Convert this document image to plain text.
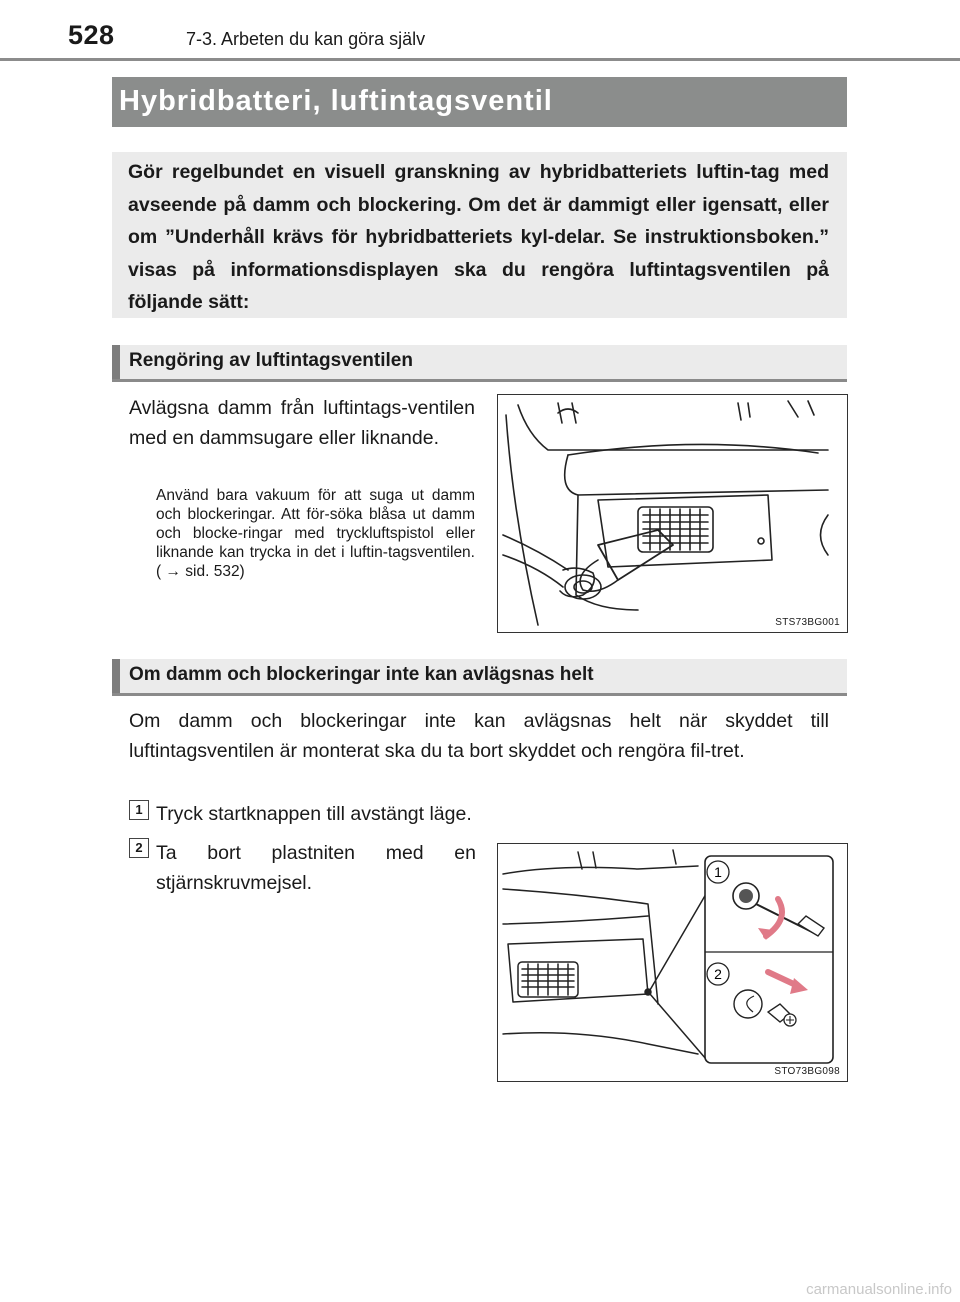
528	7-3. Arbeten du kan göra själv
Hybridbatteri, luftintagsventil

Gör regelbundet en visuell granskning av hybridbatteriets luftin-tag med avseende på damm och blockering. Om det är dammigt eller igensatt, eller om ”Underhåll krävs för hybridbatteriets kyl-delar. Se instruktionsboken.” visas på informationsdisplayen ska du rengöra luftintagsventilen på följande sätt:

Rengöring av luftintagsventilen

Avlägsna damm från luftintags-ventilen med en dammsugare eller liknande.

Använd bara vakuum för att suga ut damm och blockeringar. Att för-söka blåsa ut damm och blocke-ringar med tryckluftspistol eller liknande kan trycka in det i luftin-tagsventilen. ( → sid. 532)

STS73BG001
Om damm och blockeringar inte kan avlägsnas helt

Om damm och blockeringar inte kan avlägsnas helt när skyddet till luftintagsventilen är monterat ska du ta bort skyddet och rengöra fil-tret.

1 Tryck startknappen till avstängt läge.

2 Ta bort plastniten med en stjärnskruvmejsel.	1
2
STO73BG098
carmanualsonline.info
